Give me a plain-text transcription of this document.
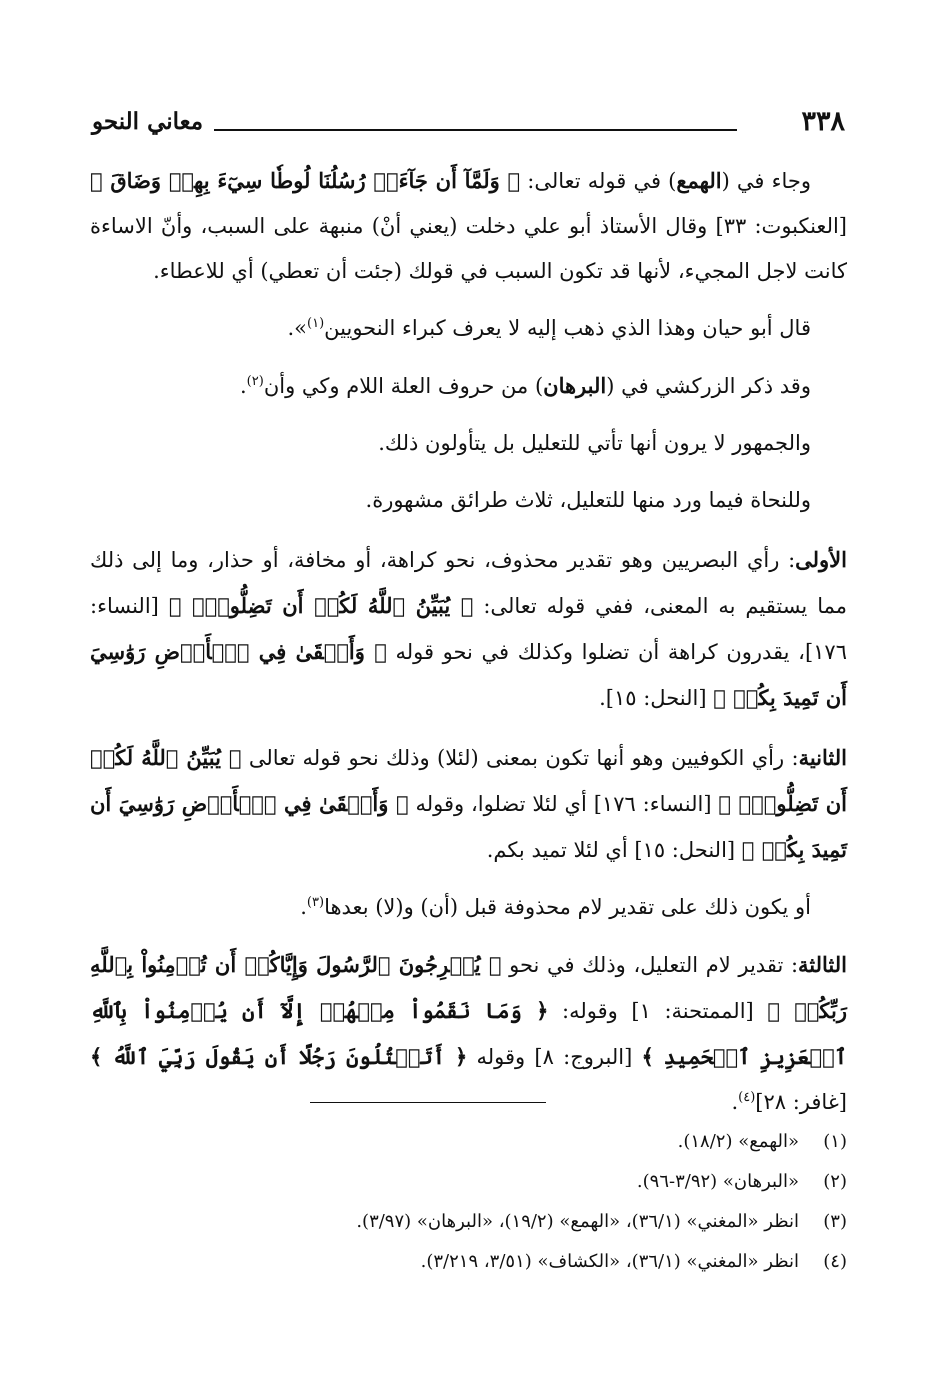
٣٣٨
معاني النحو

وجاء في (الهمع) في قوله تعالى: ﴿ وَلَمَّآ أَن جَآءَتۡ رُسُلُنَا لُوطٗا سِيٓءَ بِهِمۡ وَضَاقَ ﴾ [العنكبوت: ٣٣] وقال الأستاذ أبو علي دخلت (يعني أنْ) منبهة على السبب، وأنّ الاساءة كانت لاجل المجيء، لأنها قد تكون السبب في قولك (جئت أن تعطي) أي للاعطاء.

قال أبو حيان وهذا الذي ذهب إليه لا يعرف كبراء النحويين$^{(١)}$».

وقد ذكر الزركشي في (البرهان) من حروف العلة اللام وكي وأن$^{(٢)}$.

والجمهور لا يرون أنها تأتي للتعليل بل يتأولون ذلك.

وللنحاة فيما ورد منها للتعليل، ثلاث طرائق مشهورة.

الأولى: رأي البصريين وهو تقدير محذوف، نحو كراهة، أو مخافة، أو حذار، وما إلى ذلك مما يستقيم به المعنى، ففي قوله تعالى: ﴿ يُبَيِّنُ ٱللَّهُ لَكُمۡ أَن تَضِلُّواْۗ ﴾ [النساء: ١٧٦]، يقدرون كراهة أن تضلوا وكذلك في نحو قوله ﴿ وَأَلۡقَىٰ فِي ٱلۡأَرۡضِ رَوَٰسِيَ أَن تَمِيدَ بِكُمۡ ﴾ [النحل: ١٥].

الثانية: رأي الكوفيين وهو أنها تكون بمعنى (لئلا) وذلك نحو قوله تعالى ﴿ يُبَيِّنُ ٱللَّهُ لَكُمۡ أَن تَضِلُّواْۗ ﴾ [النساء: ١٧٦] أي لئلا تضلوا، وقوله ﴿ وَأَلۡقَىٰ فِي ٱلۡأَرۡضِ رَوَٰسِيَ أَن تَمِيدَ بِكُمۡ ﴾ [النحل: ١٥] أي لئلا تميد بكم.

أو يكون ذلك على تقدير لام محذوفة قبل (أن) و(لا) بعدها$^{(٣)}$.

الثالثة: تقدير لام التعليل، وذلك في نحو ﴿ يُخۡرِجُونَ ٱلرَّسُولَ وَإِيَّاكُمۡ أَن تُؤۡمِنُواْ بِٱللَّهِ رَبِّكُمۡ ﴾ [الممتحنة: ١] وقوله: ﴿ وَمَا نَقَمُواْ مِنۡهُمۡ إِلَّآ أَن يُؤۡمِنُواْ بِٱللَّهِ ٱلۡعَزِيزِ ٱلۡحَمِيدِ ﴾ [البروج: ٨] وقوله ﴿ أَتَقۡتُلُونَ رَجُلًا أَن يَقُولَ رَبِّيَ ٱللَّهُ ﴾ [غافر: ٢٨]$^{(٤)}$.

(١)
«الهمع» (١٨/٢).
(٢)
«البرهان» (٣/٩٢-٩٦).
(٣)
انظر «المغني» (٣٦/١)، «الهمع» (١٩/٢)، «البرهان» (٣/٩٧).
(٤)
انظر «المغني» (٣٦/١)، «الكشاف» (٣/٥١، ٣/٢١٩).
